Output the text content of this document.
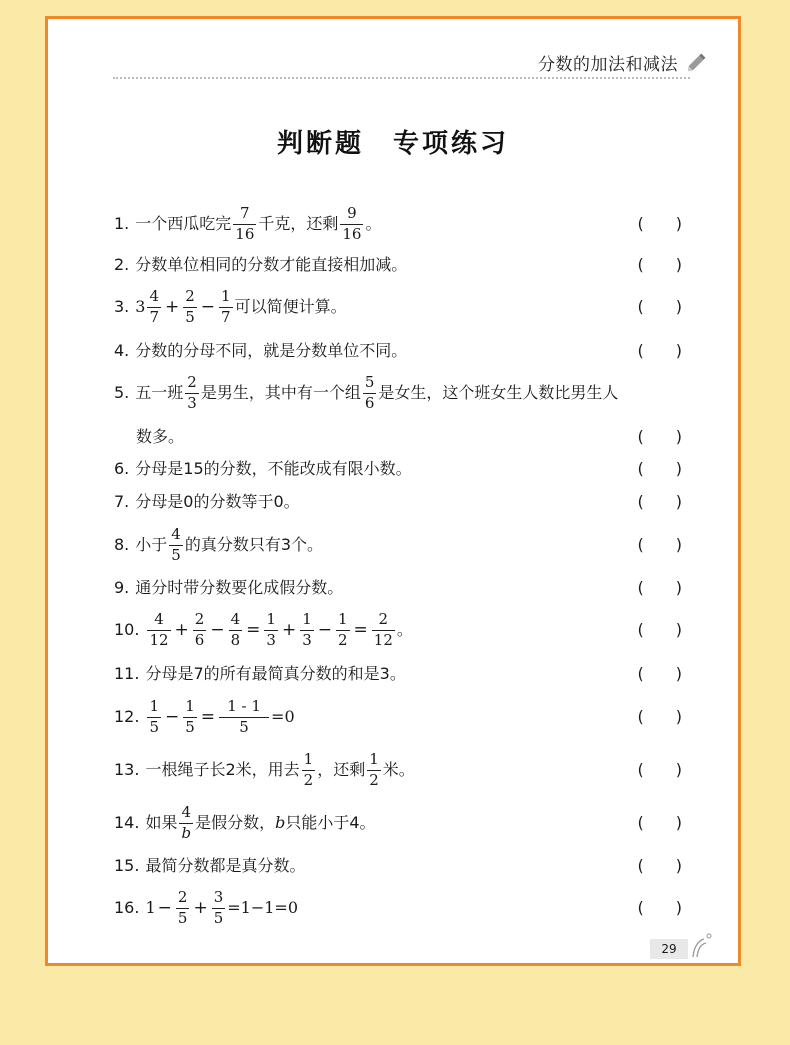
分数的加法和减法
判断题　专项练习
1. 一个西瓜吃完 $\frac{7}{16}$ 千克，还剩 $\frac{9}{16}$ 。	( )
2. 分数单位相同的分数才能直接相加减。	( )
3. $3 \frac{4}{7} + \frac{2}{5} - \frac{1}{7}$ 可以简便计算。	( )
4. 分数的分母不同，就是分数单位不同。	( )
5. 五一班 $\frac{2}{3}$ 是男生，其中有一个组 $\frac{5}{6}$ 是女生，这个班女生人数比男生人
数多。	( )
6. 分母是15的分数，不能改成有限小数。	( )
7. 分母是0的分数等于0。	( )
8. 小于 $\frac{4}{5}$ 的真分数只有3个。	( )
9. 通分时带分数要化成假分数。	( )
10. $\frac{4}{12} + \frac{2}{6} - \frac{4}{8} = \frac{1}{3} + \frac{1}{3} - \frac{1}{2} = \frac{2}{12}$ 。	( )
11. 分母是7的所有最简真分数的和是3。	( )
12. $\frac{1}{5} - \frac{1}{5} = \frac{1 - 1}{5} =0$	( )
13. 一根绳子长2米，用去 $\frac{1}{2}$ ，还剩 $\frac{1}{2}$ 米。	( )
14. 如果 $\frac{4}{b}$ 是假分数， b 只能小于4。	( )
15. 最简分数都是真分数。	( )
16. $1 - \frac{2}{5} + \frac{3}{5} =1-1=0$	( )
29
